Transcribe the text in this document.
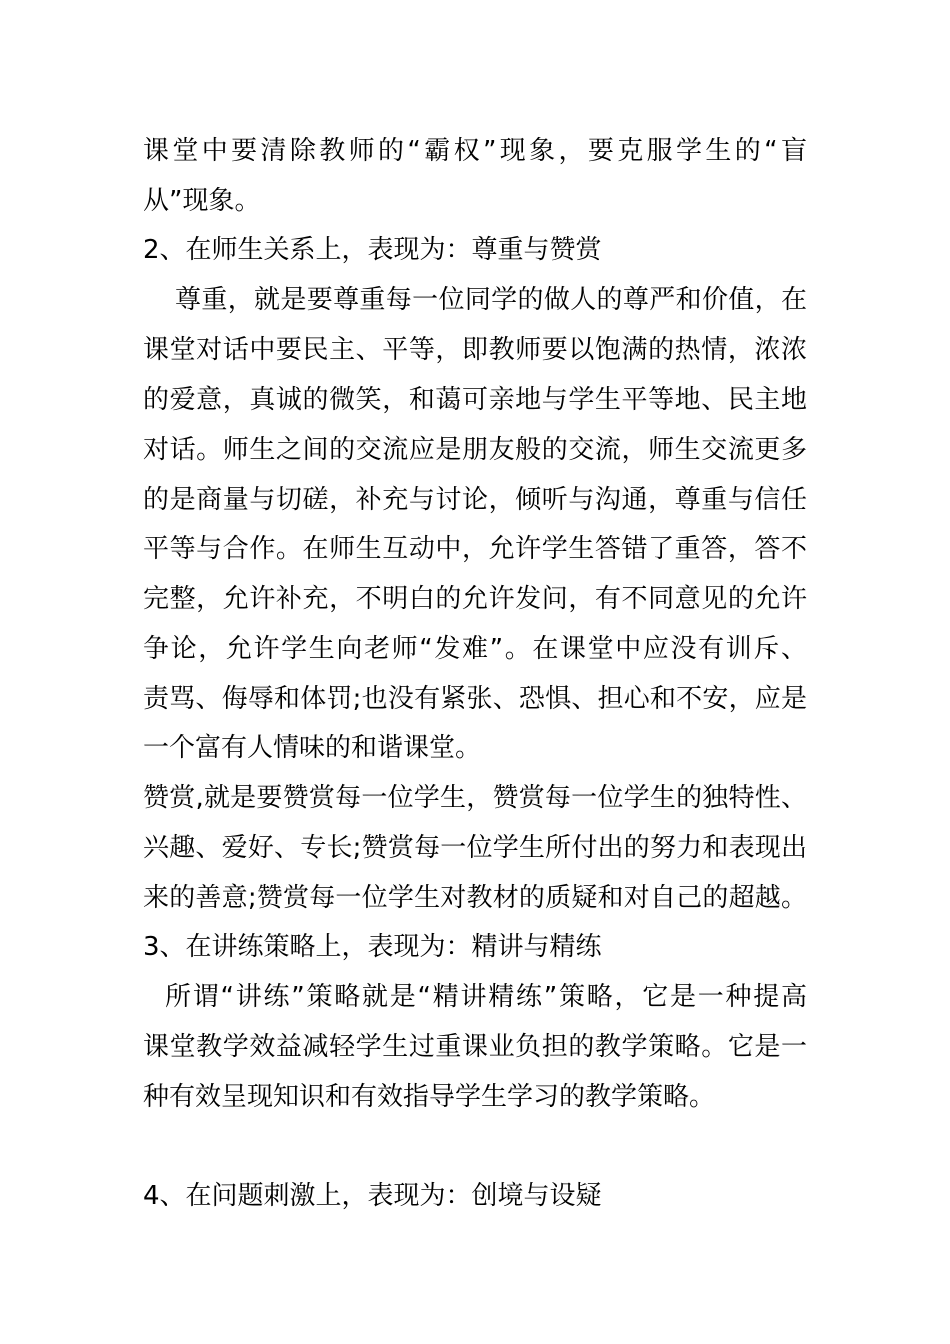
课堂中要清除教师的“霸权”现象，要克服学生的“盲
从”现象。
2、在师生关系上，表现为：尊重与赞赏
尊重，就是要尊重每一位同学的做人的尊严和价值，在
课堂对话中要民主、平等，即教师要以饱满的热情，浓浓
的爱意，真诚的微笑，和蔼可亲地与学生平等地、民主地
对话。师生之间的交流应是朋友般的交流，师生交流更多
的是商量与切磋，补充与讨论，倾听与沟通，尊重与信任
平等与合作。在师生互动中，允许学生答错了重答，答不
完整，允许补充，不明白的允许发问，有不同意见的允许
争论，允许学生向老师“发难”。在课堂中应没有训斥、
责骂、侮辱和体罚;也没有紧张、恐惧、担心和不安，应是
一个富有人情味的和谐课堂。
赞赏,就是要赞赏每一位学生，赞赏每一位学生的独特性、
兴趣、爱好、专长;赞赏每一位学生所付出的努力和表现出
来的善意;赞赏每一位学生对教材的质疑和对自己的超越。
3、在讲练策略上，表现为：精讲与精练
所谓“讲练”策略就是“精讲精练”策略，它是一种提高
课堂教学效益减轻学生过重课业负担的教学策略。它是一
种有效呈现知识和有效指导学生学习的教学策略。
4、在问题刺激上，表现为：创境与设疑
